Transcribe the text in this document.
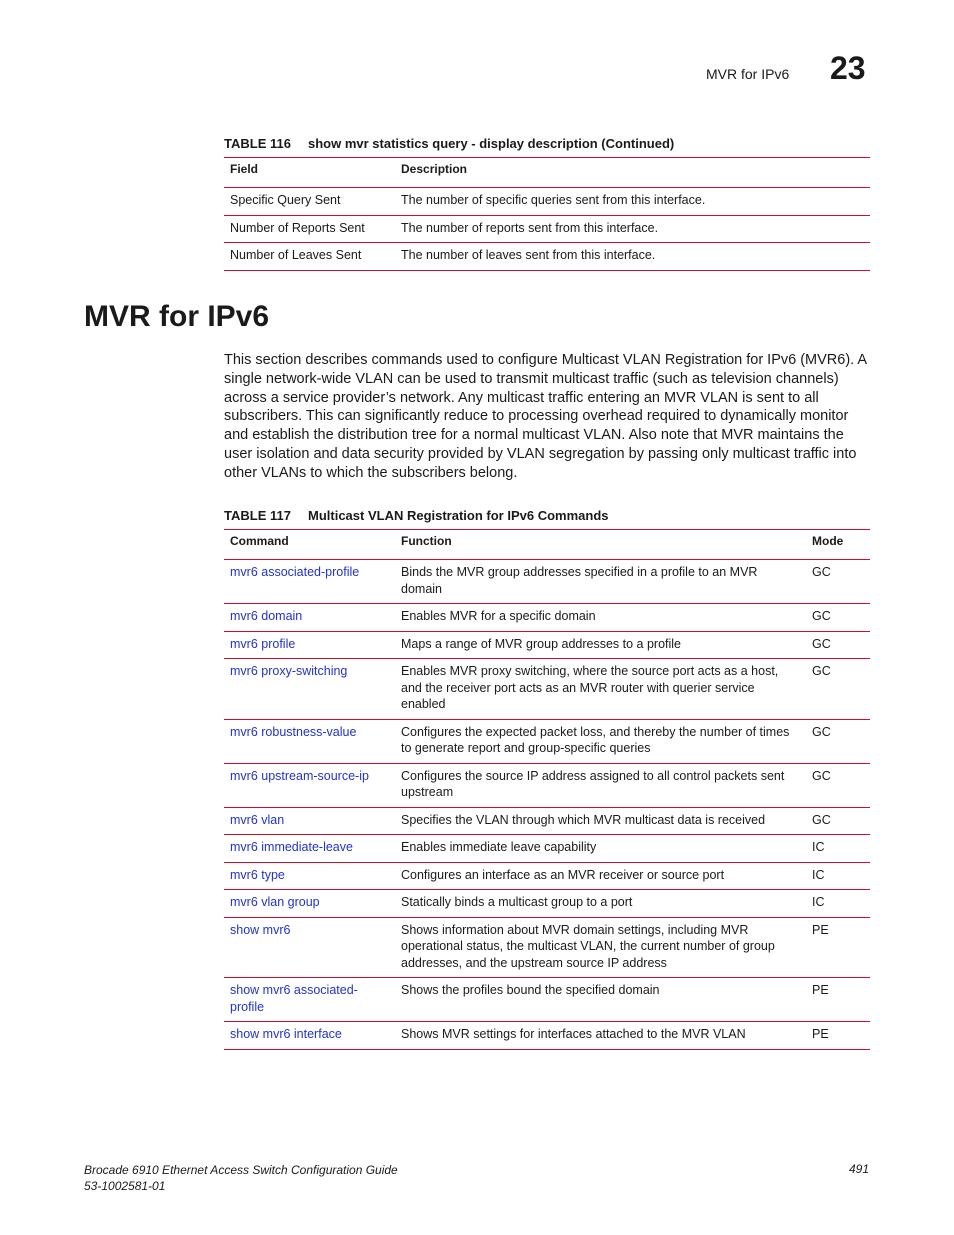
MVR for IPv6 23
TABLE 116 show mvr statistics query - display description (Continued)
Field	Description
Specific Query Sent	The number of specific queries sent from this interface.
Number of Reports Sent	The number of reports sent from this interface.
Number of Leaves Sent	The number of leaves sent from this interface.
MVR for IPv6

This section describes commands used to configure Multicast VLAN Registration for IPv6 (MVR6). A single network-wide VLAN can be used to transmit multicast traffic (such as television channels) across a service provider’s network. Any multicast traffic entering an MVR VLAN is sent to all subscribers. This can significantly reduce to processing overhead required to dynamically monitor and establish the distribution tree for a normal multicast VLAN. Also note that MVR maintains the user isolation and data security provided by VLAN segregation by passing only multicast traffic into other VLANs to which the subscribers belong.

TABLE 117 Multicast VLAN Registration for IPv6 Commands
Command	Function	Mode
mvr6 associated-profile	Binds the MVR group addresses specified in a profile to an MVR domain	GC
mvr6 domain	Enables MVR for a specific domain	GC
mvr6 profile	Maps a range of MVR group addresses to a profile	GC
mvr6 proxy-switching	Enables MVR proxy switching, where the source port acts as a host, and the receiver port acts as an MVR router with querier service enabled	GC
mvr6 robustness-value	Configures the expected packet loss, and thereby the number of times to generate report and group-specific queries	GC
mvr6 upstream-source-ip	Configures the source IP address assigned to all control packets sent upstream	GC
mvr6 vlan	Specifies the VLAN through which MVR multicast data is received	GC
mvr6 immediate-leave	Enables immediate leave capability	IC
mvr6 type	Configures an interface as an MVR receiver or source port	IC
mvr6 vlan group	Statically binds a multicast group to a port	IC
show mvr6	Shows information about MVR domain settings, including MVR operational status, the multicast VLAN, the current number of group addresses, and the upstream source IP address	PE
show mvr6 associated-profile	Shows the profiles bound the specified domain	PE
show mvr6 interface	Shows MVR settings for interfaces attached to the MVR VLAN	PE
Brocade 6910 Ethernet Access Switch Configuration Guide
53-1002581-01
491
